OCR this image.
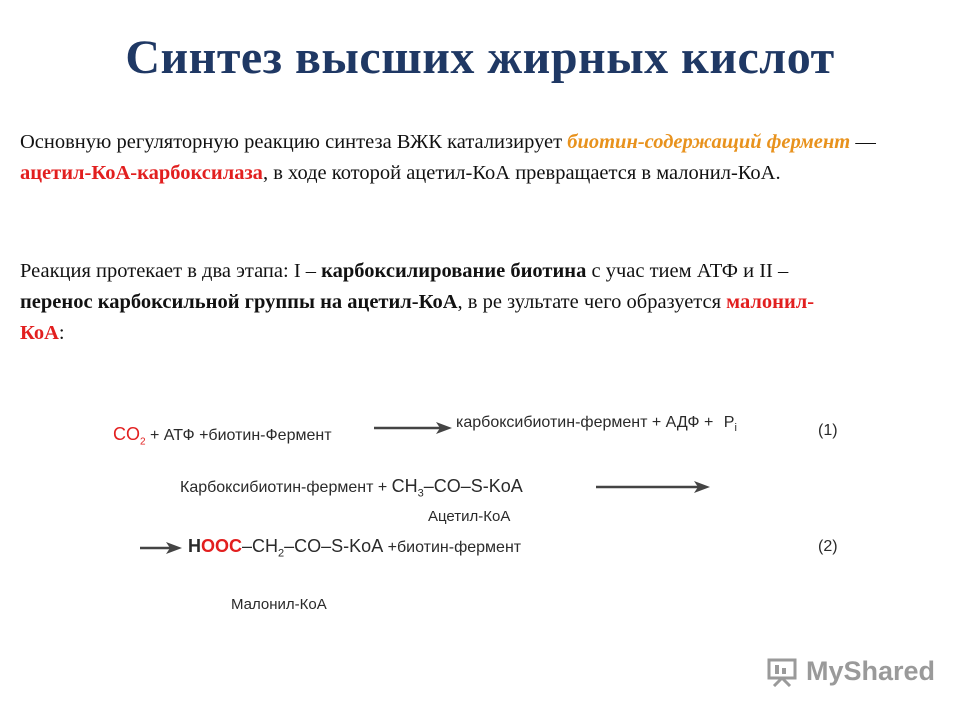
Синтез высших жирных кислот
Основную регуляторную реакцию синтеза ВЖК катализирует биотин-содержащий фермент — ацетил-КоА-карбоксилаза, в ходе которой ацетил-КоА превращается в малонил-КоА.
Реакция протекает в два этапа: I – карбоксилирование биотина с учас тием АТФ и II – перенос карбоксильной группы на ацетил-КоА, в ре зультате чего образуется малонил-КоА:
$CO_2$ + АТФ +биотин-Фермент
карбоксибиотин-фермент + АДФ + $P_i$	(1)
Карбоксибиотин-фермент + $CH_3-CO-S$-KoA
Ацетил-КоА
HOOC–$CH_2-CO-S$-KoA +биотин-фермент	(2)
Малонил-КоА
MyShared
